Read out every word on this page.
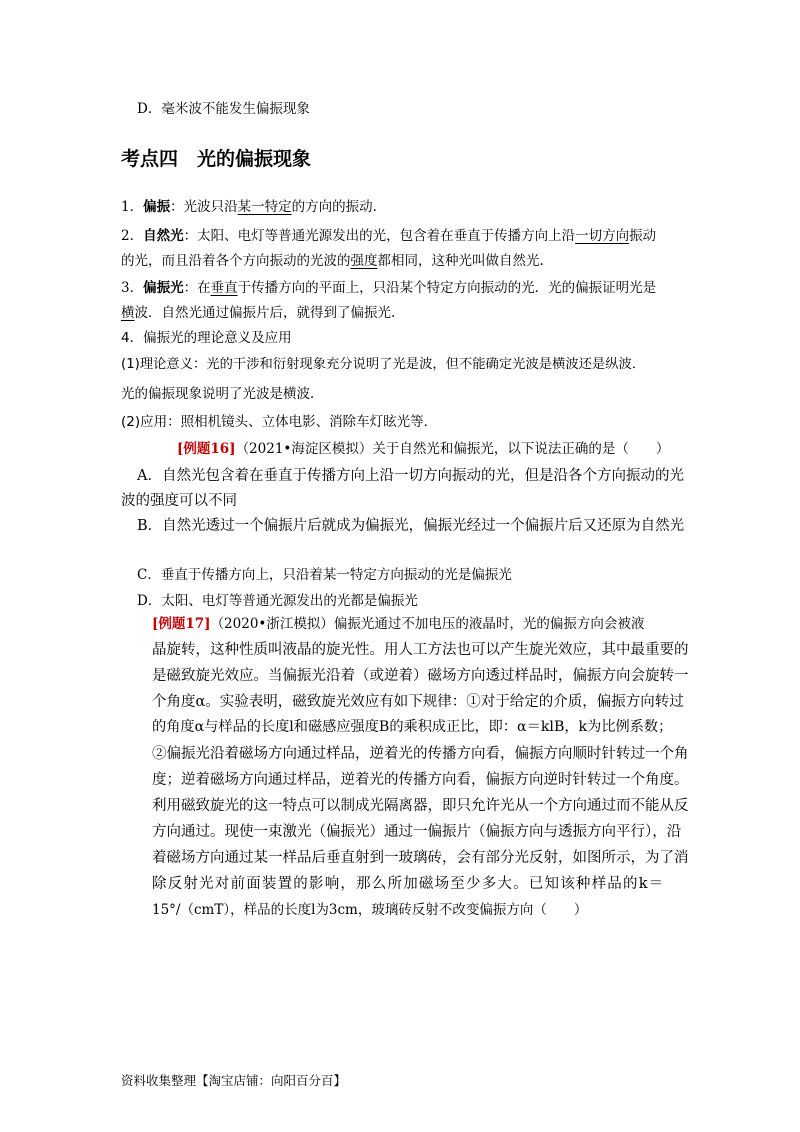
D．毫米波不能发生偏振现象
考点四　光的偏振现象
1．偏振：光波只沿某一特定的方向的振动.
2．自然光：太阳、电灯等普通光源发出的光，包含着在垂直于传播方向上沿一切方向振动
的光，而且沿着各个方向振动的光波的强度都相同，这种光叫做自然光.
3．偏振光：在垂直于传播方向的平面上，只沿某个特定方向振动的光．光的偏振证明光是
横波．自然光通过偏振片后，就得到了偏振光.
4．偏振光的理论意义及应用
(1)理论意义：光的干涉和衍射现象充分说明了光是波，但不能确定光波是横波还是纵波．
光的偏振现象说明了光波是横波．
(2)应用：照相机镜头、立体电影、消除车灯眩光等．
[例题16]（2021•海淀区模拟）关于自然光和偏振光，以下说法正确的是（　　）
A．自然光包含着在垂直于传播方向上沿一切方向振动的光，但是沿各个方向振动的光
波的强度可以不同
B．自然光透过一个偏振片后就成为偏振光，偏振光经过一个偏振片后又还原为自然光
C．垂直于传播方向上，只沿着某一特定方向振动的光是偏振光
D．太阳、电灯等普通光源发出的光都是偏振光
[例题17]（2020•浙江模拟）偏振光通过不加电压的液晶时，光的偏振方向会被液
晶旋转，这种性质叫液晶的旋光性。用人工方法也可以产生旋光效应，其中最重要的
是磁致旋光效应。当偏振光沿着（或逆着）磁场方向透过样品时，偏振方向会旋转一
个角度α。实验表明，磁致旋光效应有如下规律：①对于给定的介质，偏振方向转过
的角度α与样品的长度l和磁感应强度B的乘积成正比，即：α＝klB，k为比例系数；
②偏振光沿着磁场方向通过样品，逆着光的传播方向看，偏振方向顺时针转过一个角
度；逆着磁场方向通过样品，逆着光的传播方向看，偏振方向逆时针转过一个角度。
利用磁致旋光的这一特点可以制成光隔离器，即只允许光从一个方向通过而不能从反
方向通过。现使一束激光（偏振光）通过一偏振片（偏振方向与透振方向平行），沿
着磁场方向通过某一样品后垂直射到一玻璃砖，会有部分光反射，如图所示，为了消
除反射光对前面装置的影响，那么所加磁场至少多大。已知该种样品的k＝
15°/（cmT），样品的长度l为3cm，玻璃砖反射不改变偏振方向（　　）
资料收集整理【淘宝店铺：向阳百分百】
